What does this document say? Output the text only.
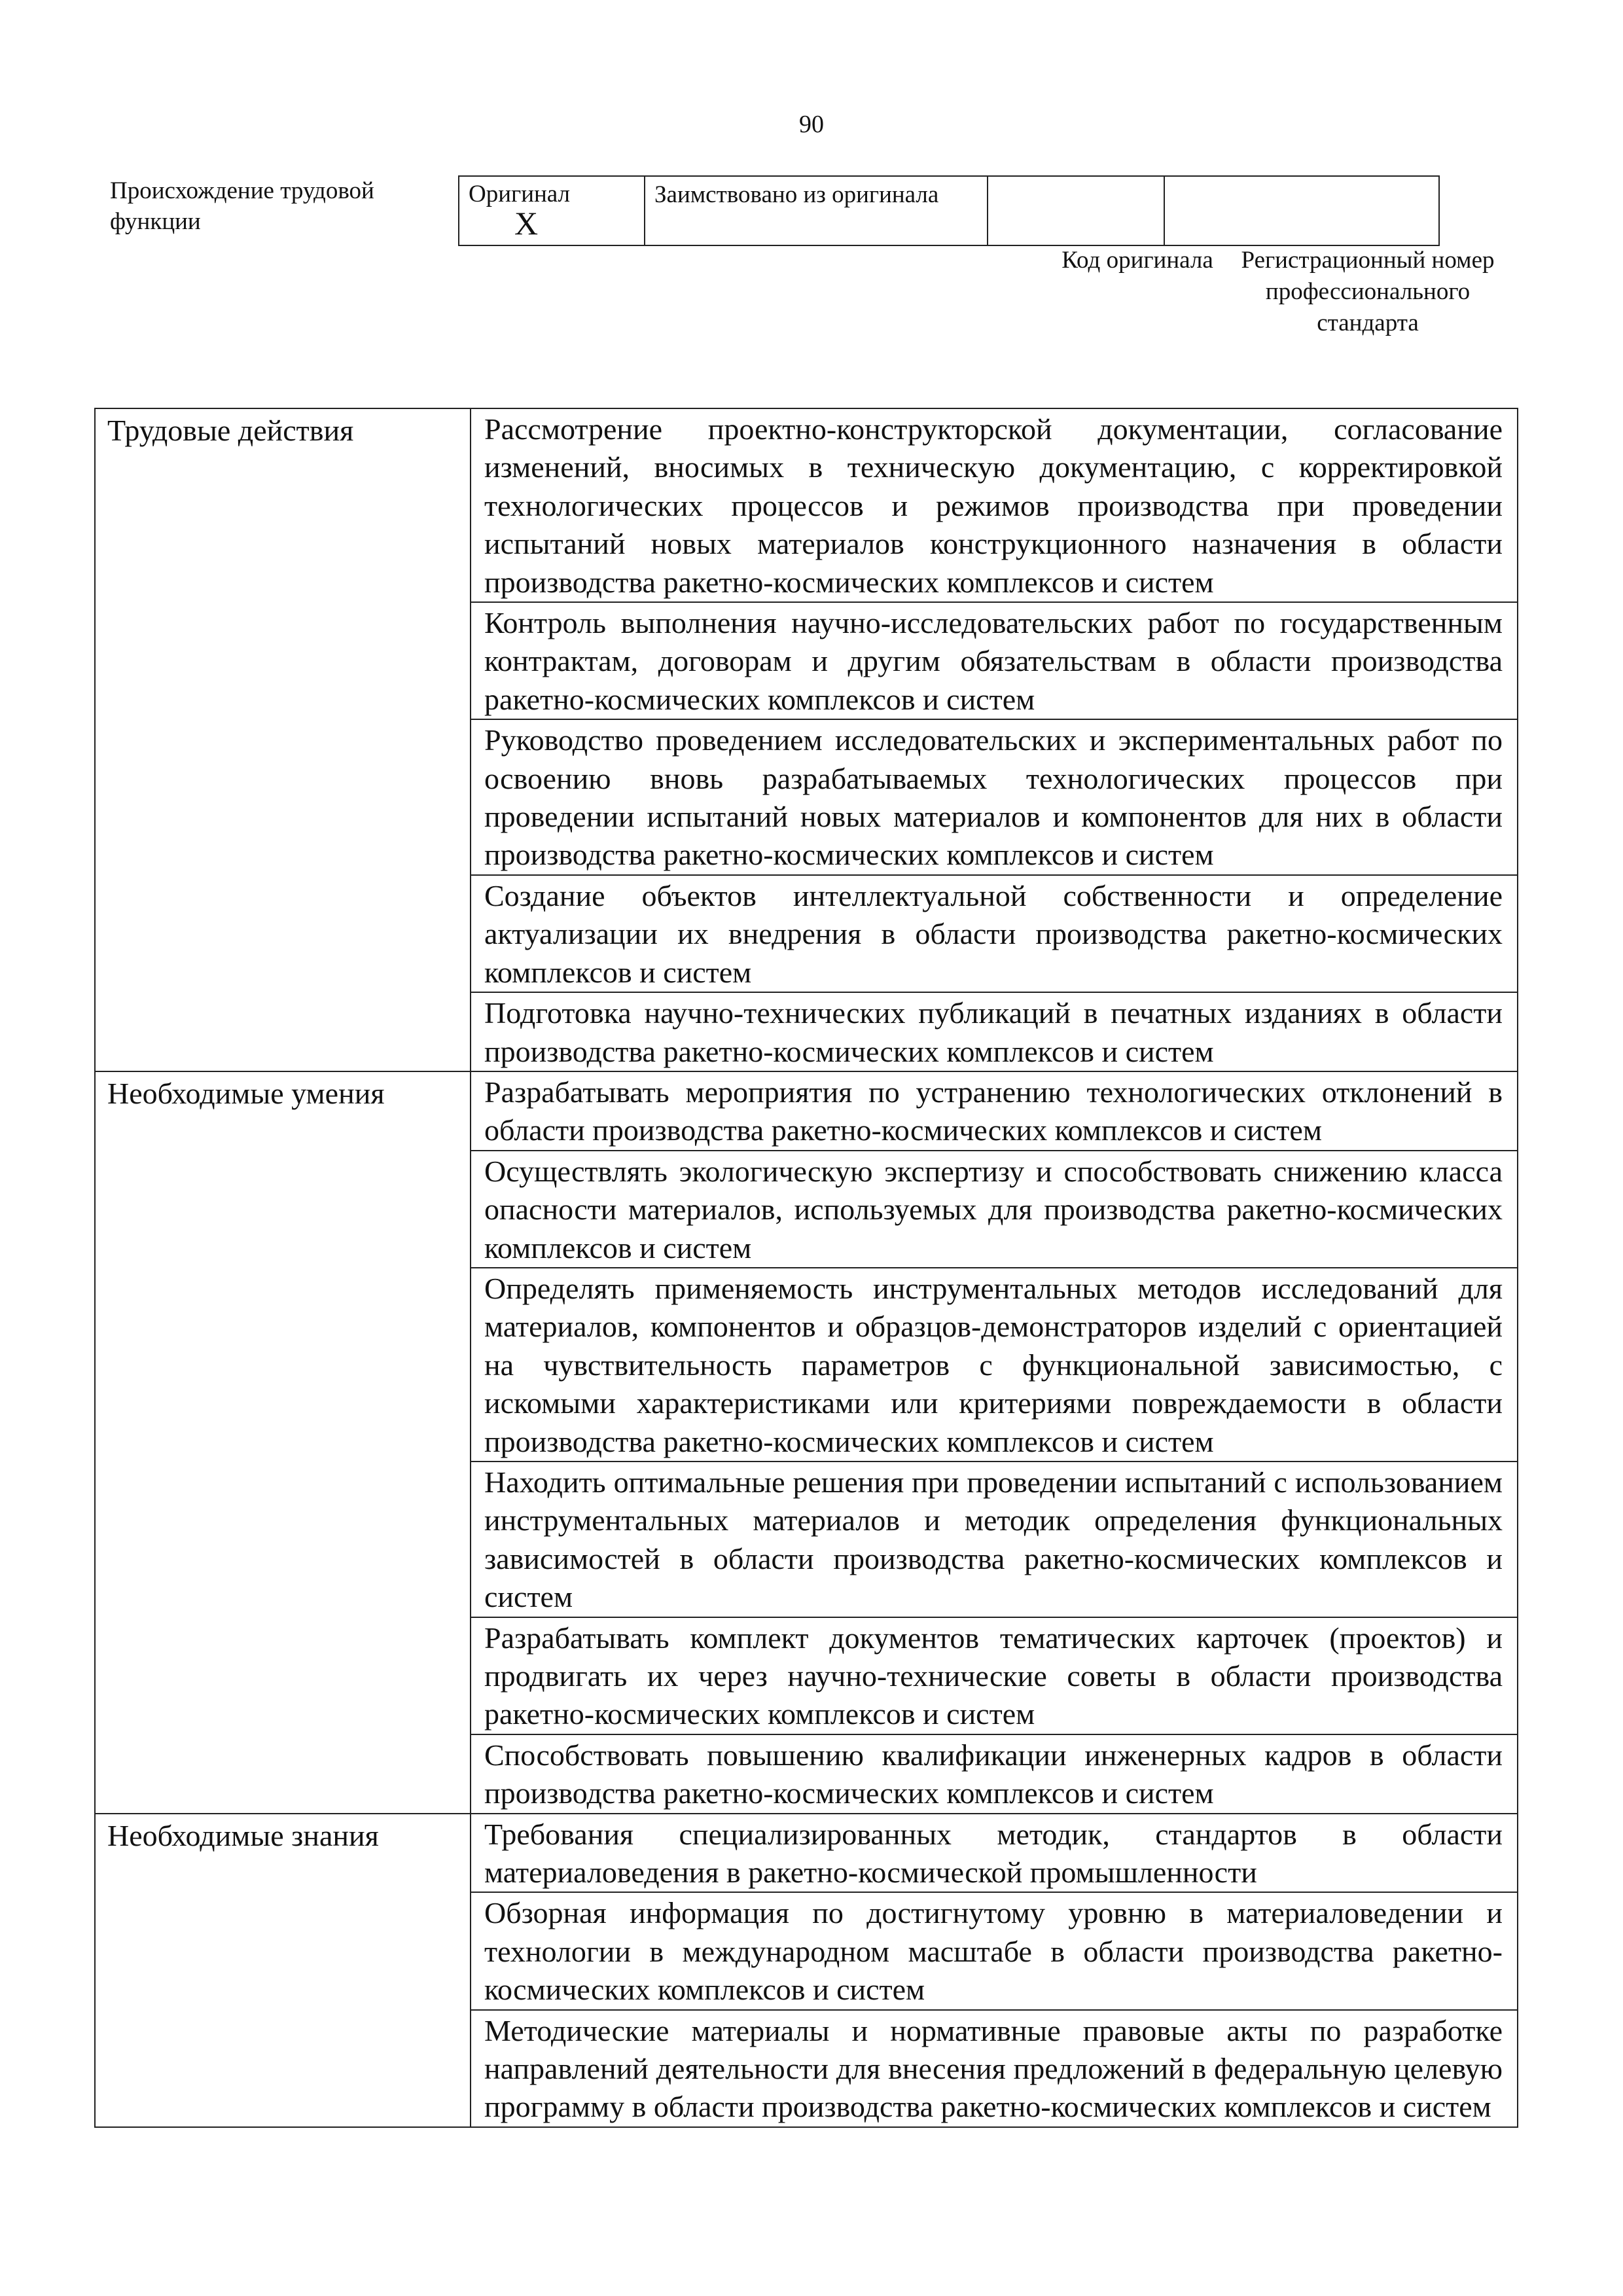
90
Происхождение трудовой функции
ОригиналX	Заимствовано из оригинала		
Код оригинала	Регистрационный номер профессионального стандарта
Трудовые действия	Рассмотрение проектно-конструкторской документации, согласование изменений, вносимых в техническую документацию, с корректировкой технологических процессов и режимов производства при проведении испытаний новых материалов конструкционного назначения в области производства ракетно-космических комплексов и систем
	Контроль выполнения научно-исследовательских работ по государственным контрактам, договорам и другим обязательствам в области производства ракетно-космических комплексов и систем
	Руководство проведением исследовательских и экспериментальных работ по освоению вновь разрабатываемых технологических процессов при проведении испытаний новых материалов и компонентов для них в области производства ракетно-космических комплексов и систем
	Создание объектов интеллектуальной собственности и определение актуализации их внедрения в области производства ракетно-космических комплексов и систем
	Подготовка научно-технических публикаций в печатных изданиях в области производства ракетно-космических комплексов и систем
Необходимые умения	Разрабатывать мероприятия по устранению технологических отклонений в области производства ракетно-космических комплексов и систем
	Осуществлять экологическую экспертизу и способствовать снижению класса опасности материалов, используемых для производства ракетно-космических комплексов и систем
	Определять применяемость инструментальных методов исследований для материалов, компонентов и образцов-демонстраторов изделий с ориентацией на чувствительность параметров с функциональной зависимостью, с искомыми характеристиками или критериями повреждаемости в области производства ракетно-космических комплексов и систем
	Находить оптимальные решения при проведении испытаний с использованием инструментальных материалов и методик определения функциональных зависимостей в области производства ракетно-космических комплексов и систем
	Разрабатывать комплект документов тематических карточек (проектов) и продвигать их через научно-технические советы в области производства ракетно-космических комплексов и систем
	Способствовать повышению квалификации инженерных кадров в области производства ракетно-космических комплексов и систем
Необходимые знания	Требования специализированных методик, стандартов в области материаловедения в ракетно-космической промышленности
	Обзорная информация по достигнутому уровню в материаловедении и технологии в международном масштабе в области производства ракетно-космических комплексов и систем
	Методические материалы и нормативные правовые акты по разработке направлений деятельности для внесения предложений в федеральную целевую программу в области производства ракетно-космических комплексов и систем
